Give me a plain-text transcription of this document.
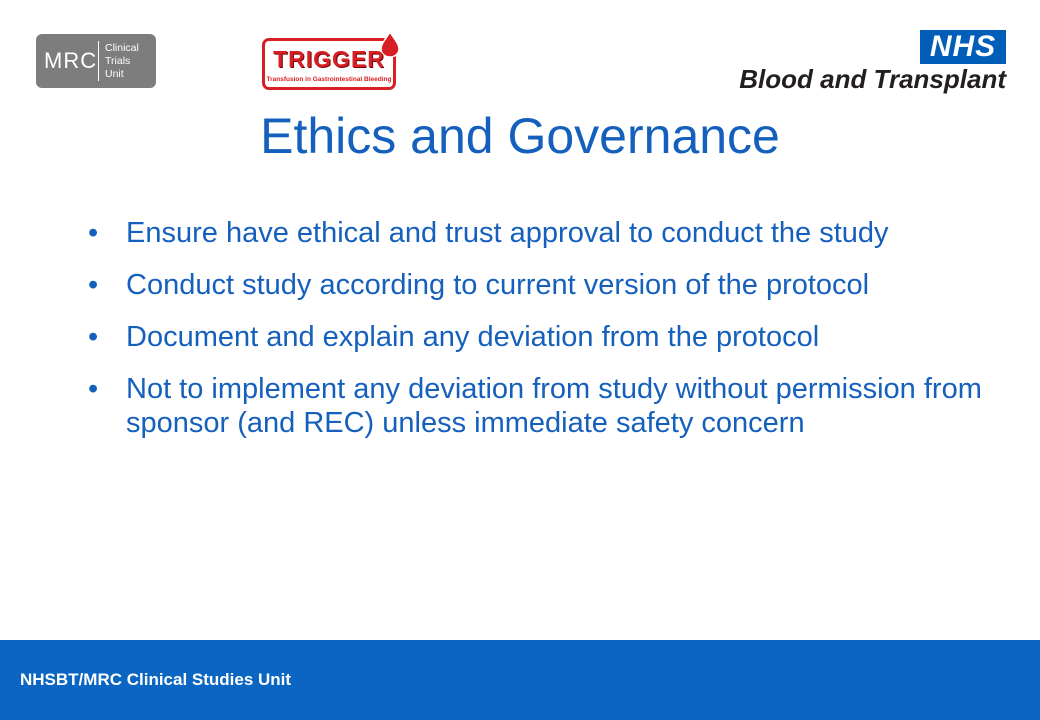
MRC
Clinical
Trials
Unit
TRIGGER
Transfusion in Gastrointestinal Bleeding
NHS
Blood and Transplant
Ethics and Governance
• Ensure have ethical and trust approval to conduct the study
• Conduct study according to current version of the protocol
• Document and explain any deviation from the protocol
• Not to implement any deviation from study without permission from sponsor (and REC) unless immediate safety concern
NHSBT/MRC Clinical Studies Unit
